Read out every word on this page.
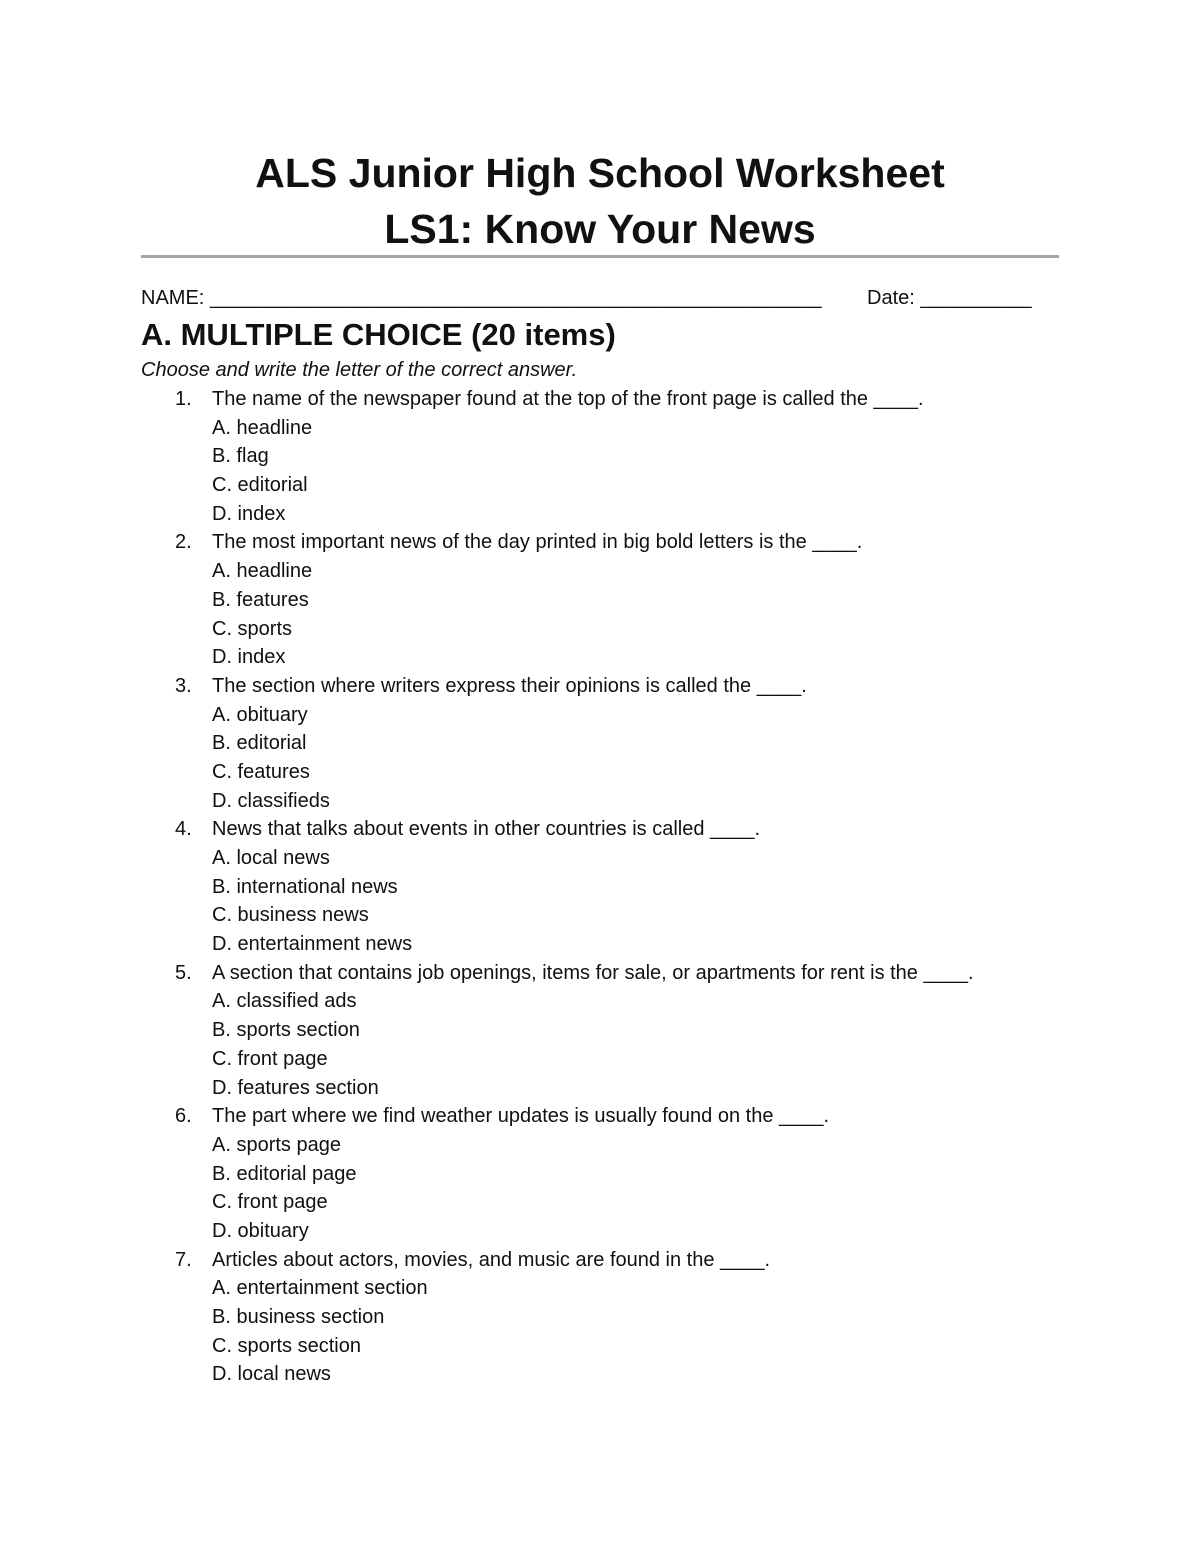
ALS Junior High School Worksheet
LS1: Know Your News
NAME: _______________________________________________________ Date: __________
A. MULTIPLE CHOICE (20 items)
Choose and write the letter of the correct answer.
1. The name of the newspaper found at the top of the front page is called the ____.
A. headline
B. flag
C. editorial
D. index
2. The most important news of the day printed in big bold letters is the ____.
A. headline
B. features
C. sports
D. index
3. The section where writers express their opinions is called the ____.
A. obituary
B. editorial
C. features
D. classifieds
4. News that talks about events in other countries is called ____.
A. local news
B. international news
C. business news
D. entertainment news
5. A section that contains job openings, items for sale, or apartments for rent is the ____.
A. classified ads
B. sports section
C. front page
D. features section
6. The part where we find weather updates is usually found on the ____.
A. sports page
B. editorial page
C. front page
D. obituary
7. Articles about actors, movies, and music are found in the ____.
A. entertainment section
B. business section
C. sports section
D. local news
